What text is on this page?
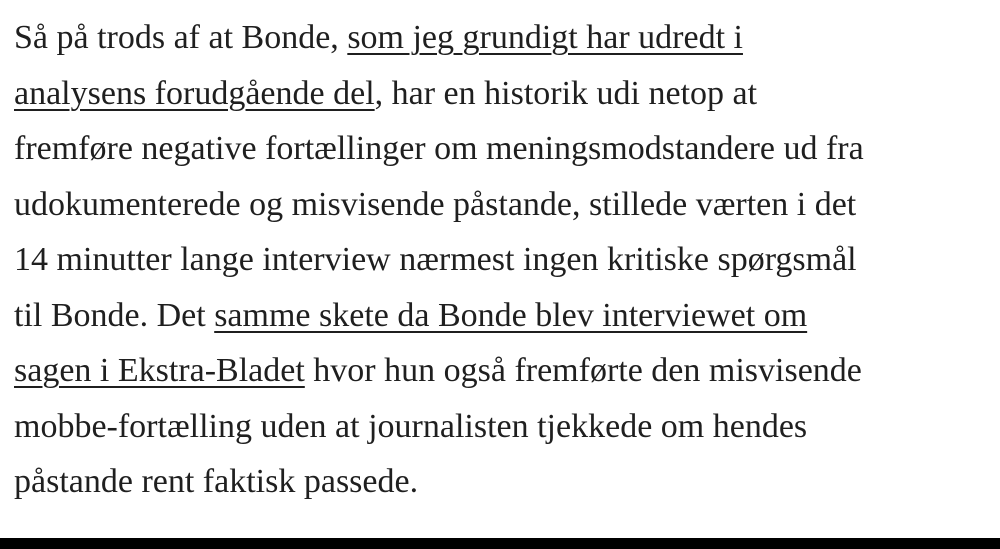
Så på trods af at Bonde, som jeg grundigt har udredt i
analysens forudgående del, har en historik udi netop at
fremføre negative fortællinger om meningsmodstandere ud fra
udokumenterede og misvisende påstande, stillede værten i det
14 minutter lange interview nærmest ingen kritiske spørgsmål
til Bonde. Det samme skete da Bonde blev interviewet om
sagen i Ekstra-Bladet hvor hun også fremførte den misvisende
mobbe-fortælling uden at journalisten tjekkede om hendes
påstande rent faktisk passede.
